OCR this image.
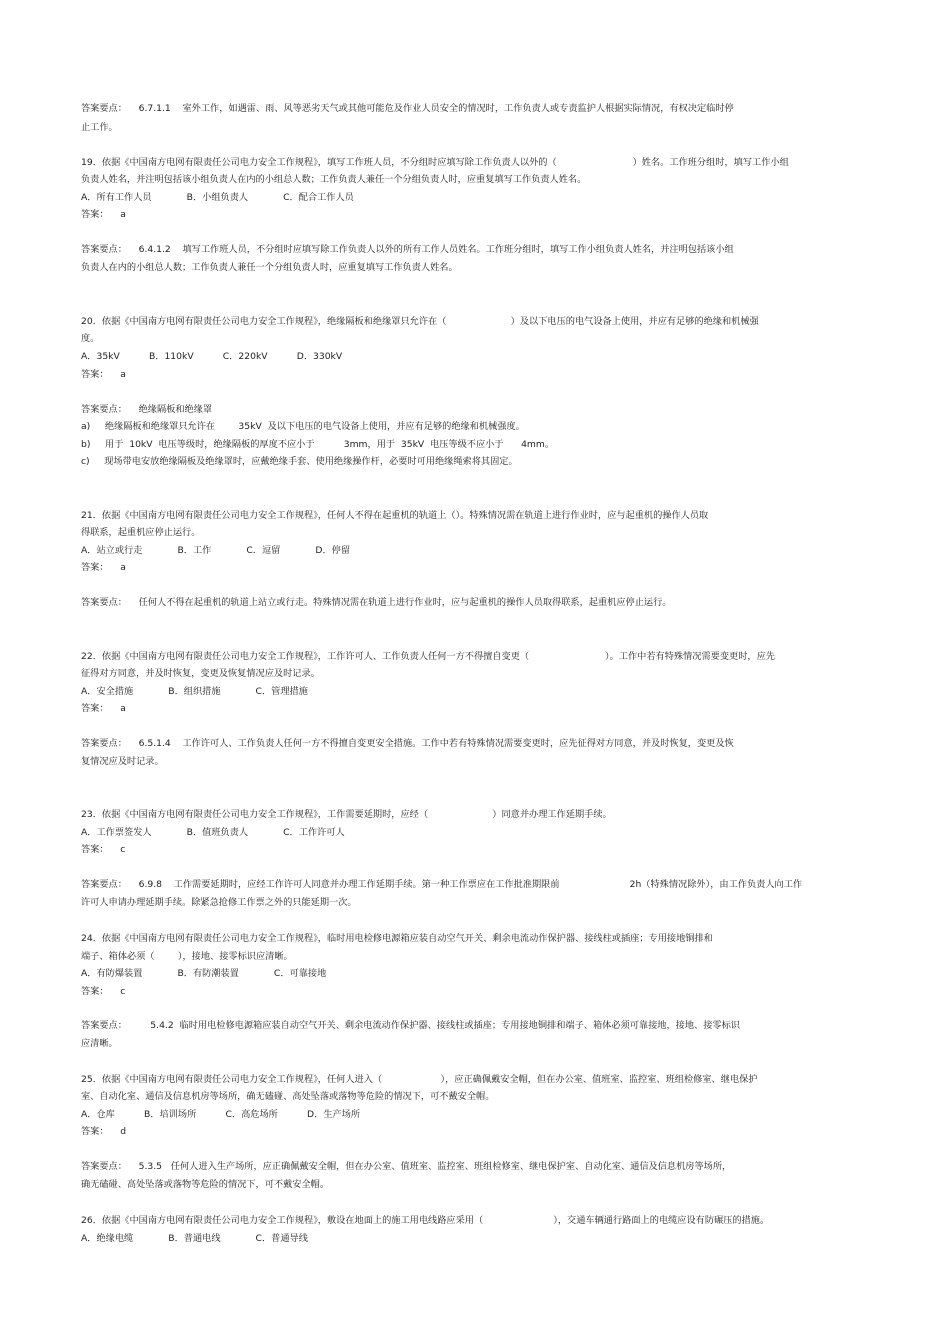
答案要点：    6.7.1.1    室外工作，如遇雷、雨、风等恶劣天气或其他可能危及作业人员安全的情况时，工作负责人或专责监护人根据实际情况，有权决定临时停
止工作。
19．依据《中国南方电网有限责任公司电力安全工作规程》，填写工作班人员，不分组时应填写除工作负责人以外的（                          ）姓名。工作班分组时，填写工作小组
负责人姓名，并注明包括该小组负责人在内的小组总人数；工作负责人兼任一个分组负责人时，应重复填写工作负责人姓名。
A．所有工作人员            B．小组负责人            C．配合工作人员
答案：    a
答案要点：    6.4.1.2    填写工作班人员，不分组时应填写除工作负责人以外的所有工作人员姓名。工作班分组时，填写工作小组负责人姓名，并注明包括该小组
负责人在内的小组总人数；工作负责人兼任一个分组负责人时，应重复填写工作负责人姓名。
20．依据《中国南方电网有限责任公司电力安全工作规程》，绝缘隔板和绝缘罩只允许在（                      ）及以下电压的电气设备上使用，并应有足够的绝缘和机械强
度。
A．35kV          B．110kV          C．220kV          D．330kV
答案：    a
答案要点：    绝缘隔板和绝缘罩
a)     绝缘隔板和绝缘罩只允许在        35kV  及以下电压的电气设备上使用，并应有足够的绝缘和机械强度。
b)     用于  10kV  电压等级时，绝缘隔板的厚度不应小于          3mm，用于  35kV  电压等级不应小于      4mm。
c)     现场带电安放绝缘隔板及绝缘罩时，应戴绝缘手套、使用绝缘操作杆，必要时可用绝缘绳索将其固定。
21．依据《中国南方电网有限责任公司电力安全工作规程》，任何人不得在起重机的轨道上（）。特殊情况需在轨道上进行作业时，应与起重机的操作人员取
得联系，起重机应停止运行。
A．站立或行走            B．工作            C．逗留            D．停留
答案：    a
答案要点：    任何人不得在起重机的轨道上站立或行走。特殊情况需在轨道上进行作业时，应与起重机的操作人员取得联系，起重机应停止运行。
22．依据《中国南方电网有限责任公司电力安全工作规程》，工作许可人、工作负责人任何一方不得擅自变更（                          ）。工作中若有特殊情况需要变更时，应先
征得对方同意，并及时恢复，变更及恢复情况应及时记录。
A．安全措施            B．组织措施            C．管理措施
答案：    a
答案要点：    6.5.1.4    工作许可人、工作负责人任何一方不得擅自变更安全措施。工作中若有特殊情况需要变更时，应先征得对方同意，并及时恢复，变更及恢
复情况应及时记录。
23．依据《中国南方电网有限责任公司电力安全工作规程》，工作需要延期时，应经（                      ）同意并办理工作延期手续。
A．工作票签发人            B．值班负责人            C．工作许可人
答案：    c
答案要点：    6.9.8    工作需要延期时，应经工作许可人同意并办理工作延期手续。第一种工作票应在工作批准期限前                        2h（特殊情况除外），由工作负责人向工作
许可人申请办理延期手续。除紧急抢修工作票之外的只能延期一次。
24．依据《中国南方电网有限责任公司电力安全工作规程》，临时用电检修电源箱应装自动空气开关、剩余电流动作保护器、接线柱或插座；专用接地铜排和
端子、箱体必须（        ），接地、接零标识应清晰。
A．有防爆装置            B．有防潮装置            C．可靠接地
答案：    c
答案要点：        5.4.2  临时用电检修电源箱应装自动空气开关、剩余电流动作保护器、接线柱或插座；专用接地铜排和端子、箱体必须可靠接地，接地、接零标识
应清晰。
25．依据《中国南方电网有限责任公司电力安全工作规程》，任何人进入（                    ），应正确佩戴安全帽，但在办公室、值班室、监控室、班组检修室、继电保护
室、自动化室、通信及信息机房等场所，确无磕碰、高处坠落或落物等危险的情况下，可不戴安全帽。
A．仓库          B．培训场所          C．高危场所          D．生产场所
答案：    d
答案要点：    5.3.5   任何人进入生产场所，应正确佩戴安全帽，但在办公室、值班室、监控室、班组检修室、继电保护室、自动化室、通信及信息机房等场所，
确无磕碰、高处坠落或落物等危险的情况下，可不戴安全帽。
26．依据《中国南方电网有限责任公司电力安全工作规程》，敷设在地面上的施工用电线路应采用（                        ），交通车辆通行路面上的电缆应设有防碾压的措施。
A．绝缘电缆            B．普通电线            C．普通导线
